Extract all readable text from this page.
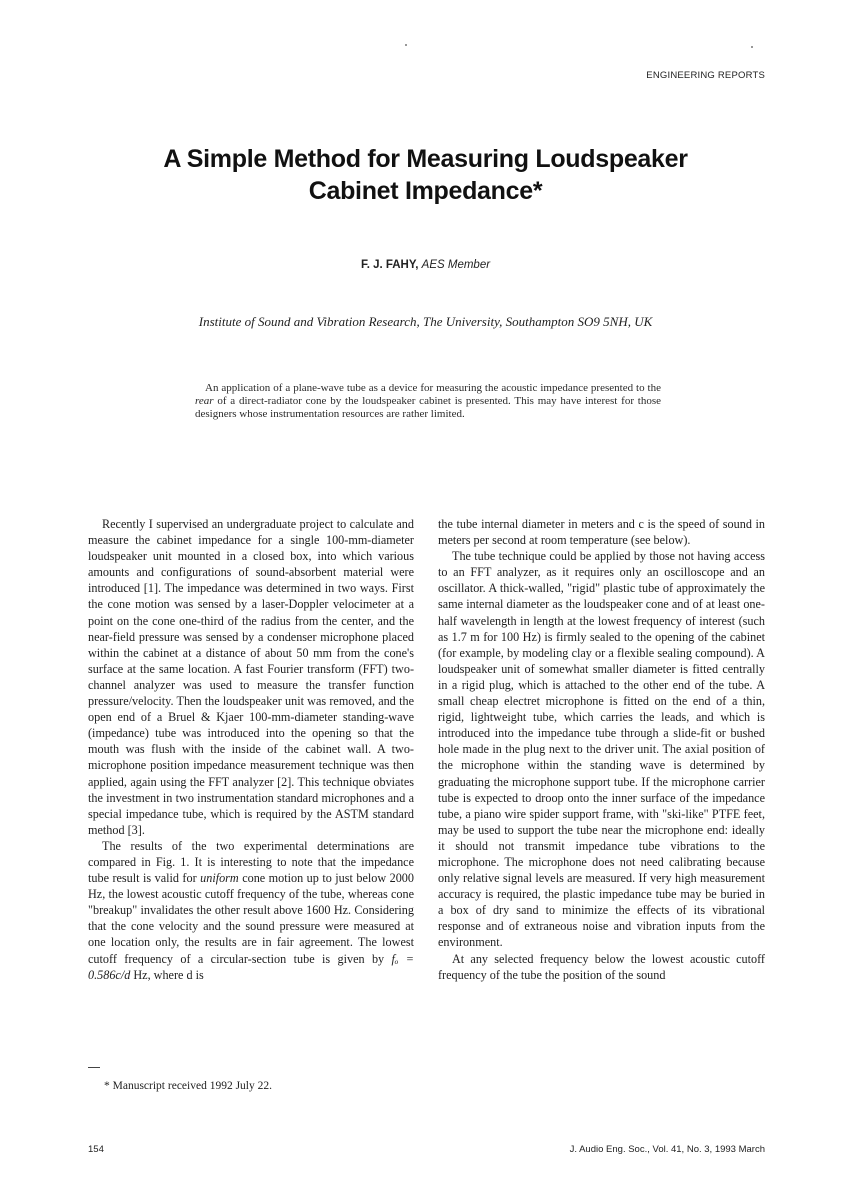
ENGINEERING REPORTS
A Simple Method for Measuring Loudspeaker
Cabinet Impedance*
F. J. FAHY, AES Member
Institute of Sound and Vibration Research, The University, Southampton SO9 5NH, UK
An application of a plane-wave tube as a device for measuring the acoustic impedance presented to the rear of a direct-radiator cone by the loudspeaker cabinet is presented. This may have interest for those designers whose instrumentation resources are rather limited.

Recently I supervised an undergraduate project to calculate and measure the cabinet impedance for a single 100-mm-diameter loudspeaker unit mounted in a closed box, into which various amounts and configurations of sound-absorbent material were introduced [1]. The impedance was determined in two ways. First the cone motion was sensed by a laser-Doppler velocimeter at a point on the cone one-third of the radius from the center, and the near-field pressure was sensed by a condenser microphone placed within the cabinet at a distance of about 50 mm from the cone's surface at the same location. A fast Fourier transform (FFT) two-channel analyzer was used to measure the transfer function pressure/velocity. Then the loudspeaker unit was removed, and the open end of a Bruel & Kjaer 100-mm-diameter standing-wave (impedance) tube was introduced into the opening so that the mouth was flush with the inside of the cabinet wall. A two-microphone position impedance measurement technique was then applied, again using the FFT analyzer [2]. This technique obviates the investment in two instrumentation standard microphones and a special impedance tube, which is required by the ASTM standard method [3].

The results of the two experimental determinations are compared in Fig. 1. It is interesting to note that the impedance tube result is valid for uniform cone motion up to just below 2000 Hz, the lowest acoustic cutoff frequency of the tube, whereas cone "breakup" invalidates the other result above 1600 Hz. Considering that the cone velocity and the sound pressure were measured at one location only, the results are in fair agreement. The lowest cutoff frequency of a circular-section tube is given by fₒ = 0.586c/d Hz, where d is

the tube internal diameter in meters and c is the speed of sound in meters per second at room temperature (see below).

The tube technique could be applied by those not having access to an FFT analyzer, as it requires only an oscilloscope and an oscillator. A thick-walled, "rigid" plastic tube of approximately the same internal diameter as the loudspeaker cone and of at least one-half wavelength in length at the lowest frequency of interest (such as 1.7 m for 100 Hz) is firmly sealed to the opening of the cabinet (for example, by modeling clay or a flexible sealing compound). A loudspeaker unit of somewhat smaller diameter is fitted centrally in a rigid plug, which is attached to the other end of the tube. A small cheap electret microphone is fitted on the end of a thin, rigid, lightweight tube, which carries the leads, and which is introduced into the impedance tube through a slide-fit or bushed hole made in the plug next to the driver unit. The axial position of the microphone within the standing wave is determined by graduating the microphone support tube. If the microphone carrier tube is expected to droop onto the inner surface of the impedance tube, a piano wire spider support frame, with "ski-like" PTFE feet, may be used to support the tube near the microphone end: ideally it should not transmit impedance tube vibrations to the microphone. The microphone does not need calibrating because only relative signal levels are measured. If very high measurement accuracy is required, the plastic impedance tube may be buried in a box of dry sand to minimize the effects of its vibrational response and of extraneous noise and vibration inputs from the environment.

At any selected frequency below the lowest acoustic cutoff frequency of the tube the position of the sound

* Manuscript received 1992 July 22.
154	J. Audio Eng. Soc., Vol. 41, No. 3, 1993 March
